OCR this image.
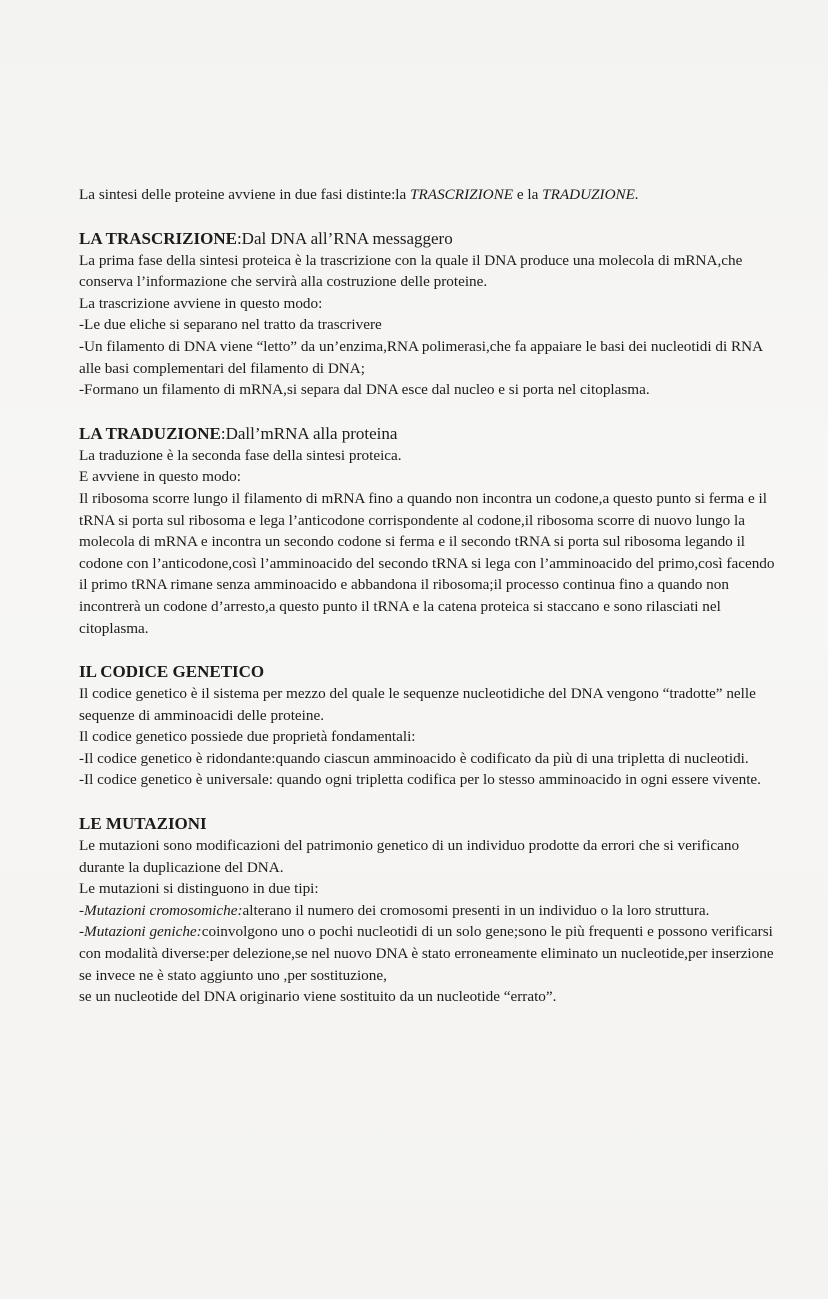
La sintesi delle proteine avviene in due fasi distinte:la TRASCRIZIONE e la TRADUZIONE.

LA TRASCRIZIONE:Dal DNA all’RNA messaggero

La prima fase della sintesi proteica è la trascrizione con la quale il DNA produce una molecola di mRNA,che conserva l’informazione che servirà alla costruzione delle proteine.

La trascrizione avviene in questo modo:

-Le due eliche si separano nel tratto da trascrivere

-Un filamento di DNA viene “letto” da un’enzima,RNA polimerasi,che fa appaiare le basi dei nucleotidi di RNA alle basi complementari del filamento di DNA;

-Formano un filamento di mRNA,si separa dal DNA esce dal nucleo e si porta nel citoplasma.

LA TRADUZIONE:Dall’mRNA alla proteina

La traduzione è la seconda fase della sintesi proteica.

E avviene in questo modo:

Il ribosoma scorre lungo il filamento di mRNA fino a quando non incontra un codone,a questo punto si ferma e il tRNA si porta sul ribosoma e lega l’anticodone corrispondente al codone,il ribosoma scorre di nuovo lungo la molecola di mRNA e incontra un secondo codone si ferma e il secondo tRNA si porta sul ribosoma legando il codone con l’anticodone,così l’amminoacido del secondo tRNA si lega con l’amminoacido del primo,così facendo il primo tRNA rimane senza amminoacido e abbandona il ribosoma;il processo continua fino a quando non incontrerà un codone d’arresto,a questo punto il tRNA e la catena proteica si staccano e sono rilasciati nel citoplasma.

IL CODICE GENETICO

Il codice genetico è il sistema per mezzo del quale le sequenze nucleotidiche del DNA vengono “tradotte” nelle sequenze di amminoacidi delle proteine.

Il codice genetico possiede due proprietà fondamentali:

-Il codice genetico è ridondante:quando ciascun amminoacido è codificato da più di una tripletta di nucleotidi.

-Il codice genetico è universale: quando ogni tripletta codifica per lo stesso amminoacido in ogni essere vivente.

LE MUTAZIONI

Le mutazioni sono modificazioni del patrimonio genetico di un individuo prodotte da errori che si verificano durante la duplicazione del DNA.

Le mutazioni si distinguono in due tipi:

-Mutazioni cromosomiche:alterano il numero dei cromosomi presenti in un individuo o la loro struttura.

-Mutazioni geniche:coinvolgono uno o pochi nucleotidi di un solo gene;sono le più frequenti e possono verificarsi con modalità diverse:per delezione,se nel nuovo DNA è stato erroneamente eliminato un nucleotide,per inserzione se invece ne è stato aggiunto uno ,per sostituzione,

se un nucleotide del DNA originario viene sostituito da un nucleotide “errato”.
